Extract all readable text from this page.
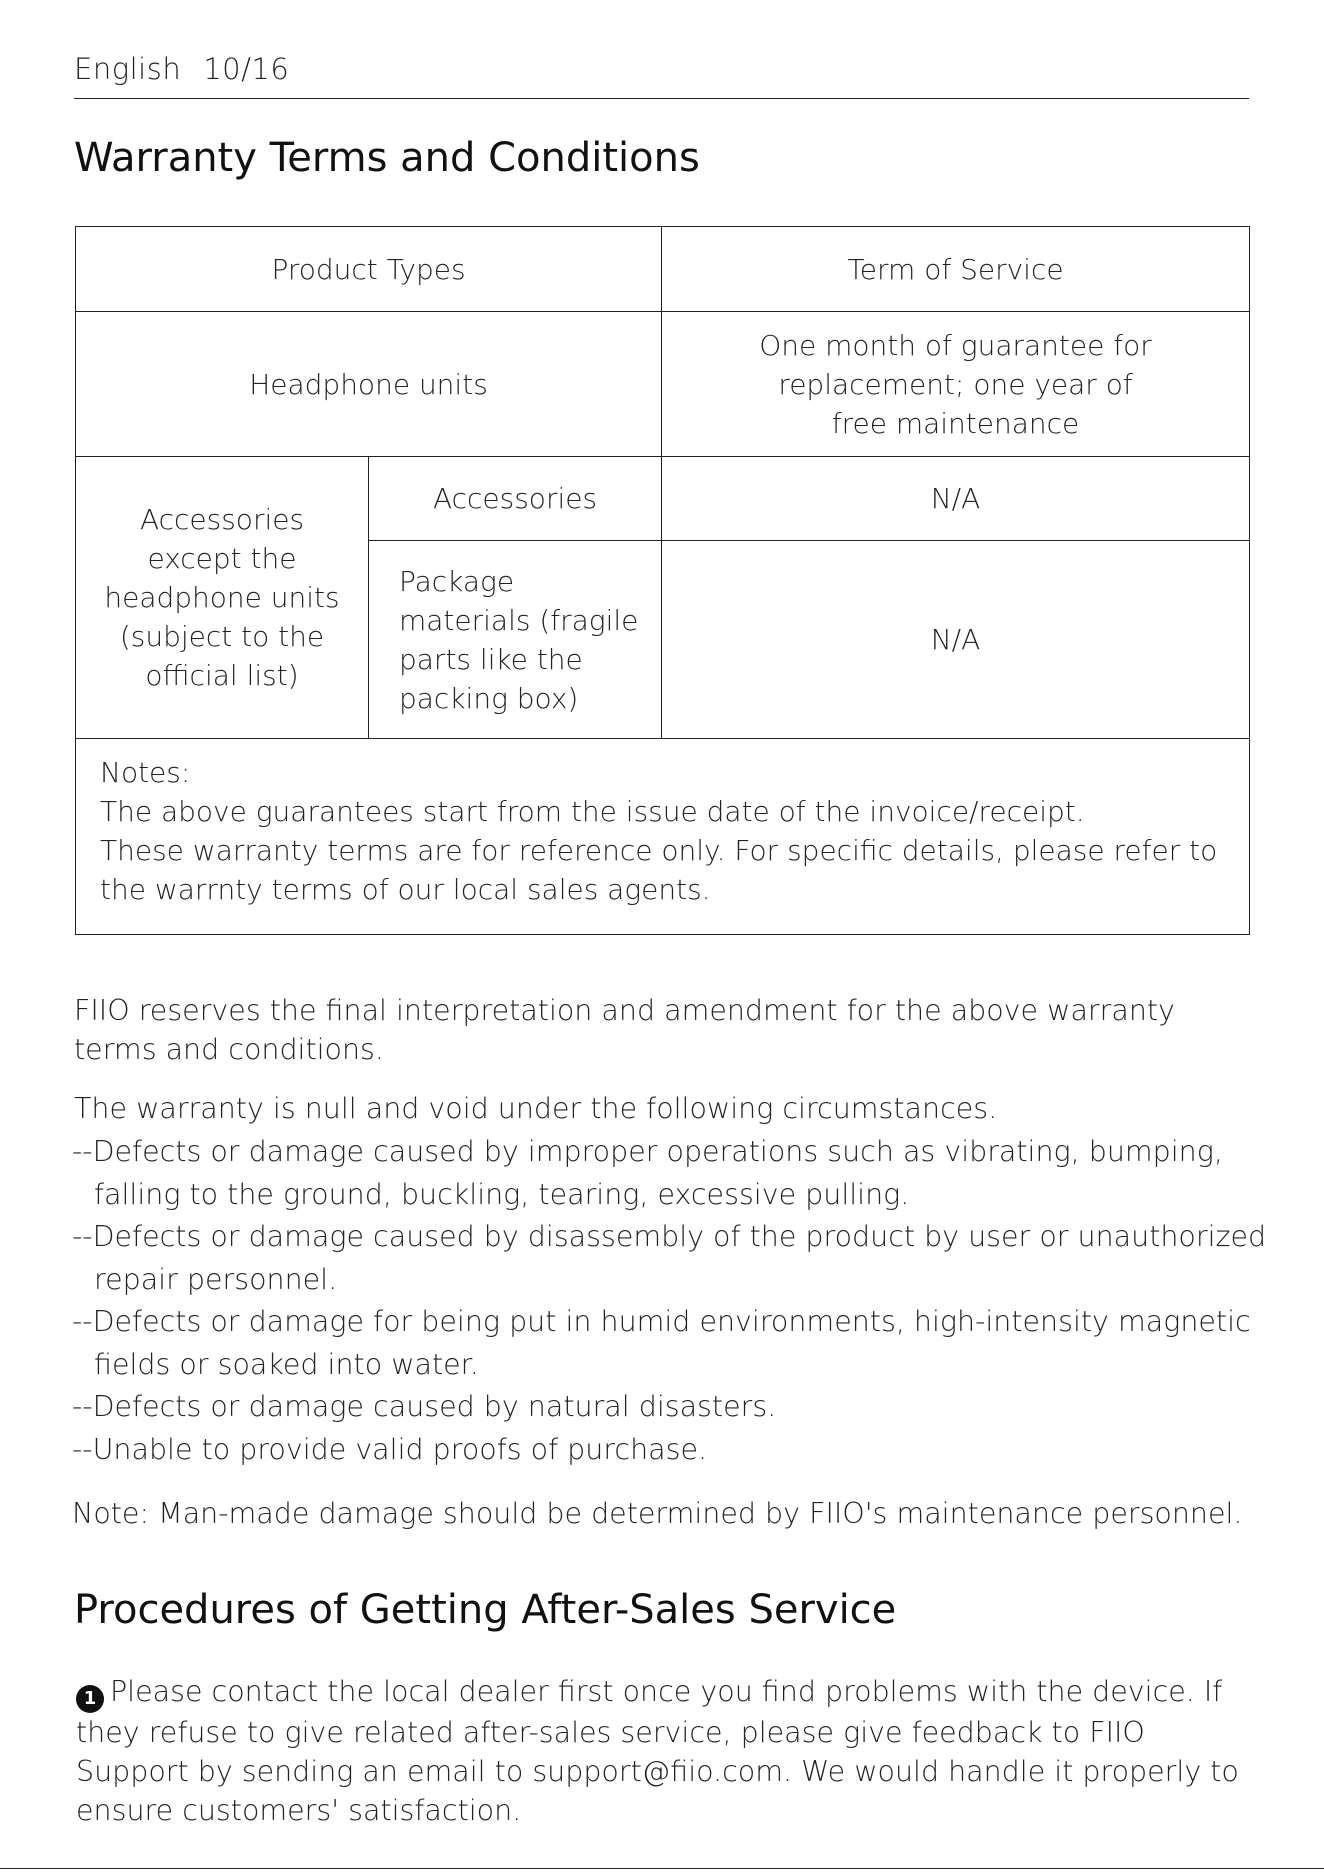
English 10/16
Warranty Terms and Conditions
Product Types		Term of Service
Headphone units		One month of guarantee for replacement; one year of free maintenance
Accessories except the headphone units (subject to the official list)	Accessories	N/A
	Package materials (fragile parts like the packing box)	N/A

Notes:
The above guarantees start from the issue date of the invoice/receipt.
These warranty terms are for reference only. For specific details, please refer to the warrnty terms of our local sales agents.		

FIIO reserves the final interpretation and amendment for the above warranty terms and conditions.

The warranty is null and void under the following circumstances.

--Defects or damage caused by improper operations such as vibrating, bumping, falling to the ground, buckling, tearing, excessive pulling.
--Defects or damage caused by disassembly of the product by user or unauthorized repair personnel.
--Defects or damage for being put in humid environments, high-intensity magnetic fields or soaked into water.
--Defects or damage caused by natural disasters.
--Unable to provide valid proofs of purchase.

Note: Man-made damage should be determined by FIIO's maintenance personnel.

Procedures of Getting After-Sales Service

1 Please contact the local dealer first once you find problems with the device. If they refuse to give related after-sales service, please give feedback to FIIO Support by sending an email to support@fiio.com. We would handle it properly to ensure customers' satisfaction.
